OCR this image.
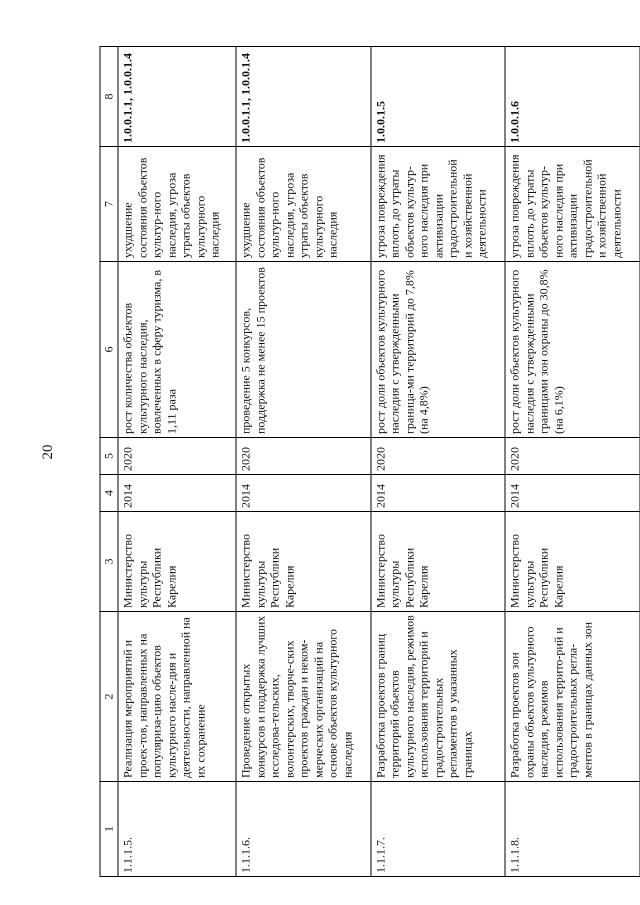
20
1	2	3	4	5	6	7	8
1.1.1.5.	Реализация мероприятий и проек-тов, направленных на популяриза-цию объектов культурного насле-дия и деятельности, направленной на их сохранение	Министерство культуры Республики Карелия	2014	2020	рост количества объектов культурного наследия, вовлеченных в сферу туризма, в 1,11 раза	ухудшение состояния объектов культур-ного наследия, угроза утраты объектов культурного наследия	1.0.0.1.1, 1.0.0.1.4
1.1.1.6.	Проведение открытых конкурсов и поддержка лучших исследова-тельских, волонтерских, творче-ских проектов граждан и неком-мерческих организаций на основе объектов культурного наследия	Министерство культуры Республики Карелия	2014	2020	проведение 5 конкурсов, поддержка не менее 15 проектов	ухудшение состояния объектов культур-ного наследия, угроза утраты объектов культурного наследия	1.0.0.1.1, 1.0.0.1.4
1.1.1.7.	Разработка проектов границ территорий объектов культурного наследия, режимов использования территорий и градостроительных регламентов в указанных границах	Министерство культуры Республики Карелия	2014	2020	рост доли объектов культурного наследия с утвержденными граница-ми территорий до 7,8% (на 4,8%)	угроза повреждения вплоть до утраты объектов культур-ного наследия при активизации градостроительной и хозяйственной деятельности	1.0.0.1.5
1.1.1.8.	Разработка проектов зон охраны объектов культурного наследия, режимов использования террито-рий и градостроительных регла-ментов в границах данных зон	Министерство культуры Республики Карелия	2014	2020	рост доли объектов культурного наследия с утвержденными границами зон охраны до 30,8% (на 6,1%)	угроза повреждения вплоть до утраты объектов культур-ного наследия при активизации градостроительной и хозяйственной деятельности	1.0.0.1.6
